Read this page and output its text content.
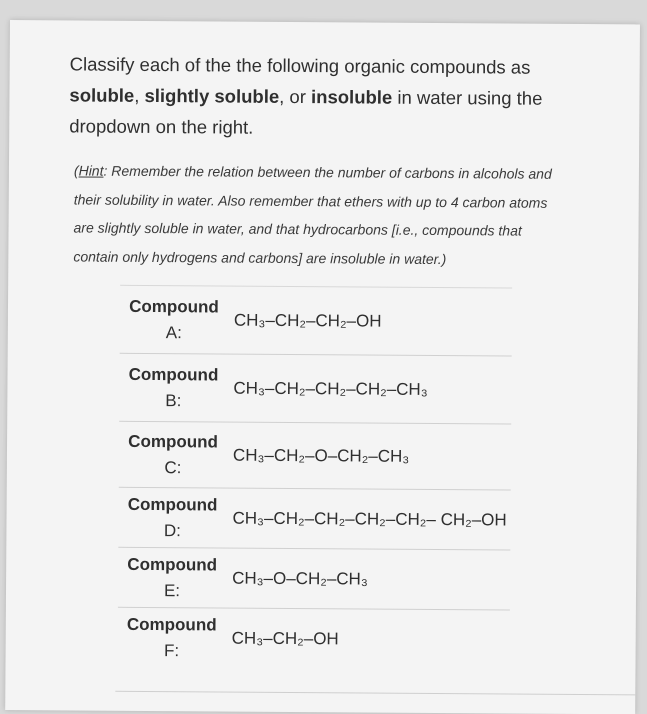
Classify each of the the following organic compounds as soluble, slightly soluble, or insoluble in water using the dropdown on the right.
(Hint: Remember the relation between the number of carbons in alcohols and their solubility in water. Also remember that ethers with up to 4 carbon atoms are slightly soluble in water, and that hydrocarbons [i.e., compounds that contain only hydrogens and carbons] are insoluble in water.)
Compound
A:
CH₃–CH₂–CH₂–OH
Compound
B:
CH₃–CH₂–CH₂–CH₂–CH₃
Compound
C:
CH₃–CH₂–O–CH₂–CH₃
Compound
D:
CH₃–CH₂–CH₂–CH₂–CH₂– CH₂–OH
Compound
E:
CH₃–O–CH₂–CH₃
Compound
F:
CH₃–CH₂–OH
